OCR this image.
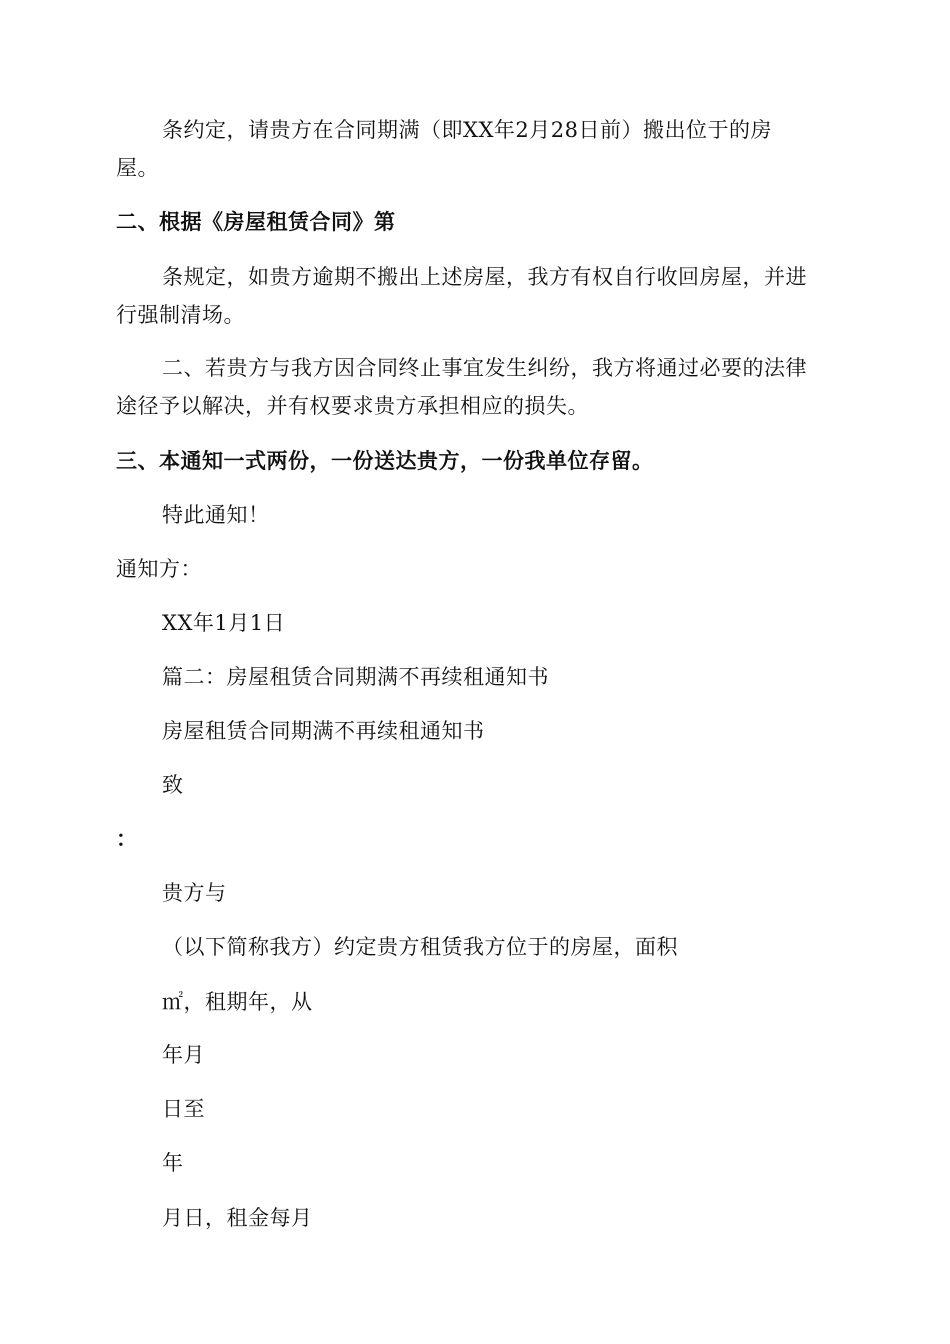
条约定，请贵方在合同期满（即XX年2月28日前）搬出位于的房
屋。
二、根据《房屋租赁合同》第
条规定，如贵方逾期不搬出上述房屋，我方有权自行收回房屋，并进
行强制清场。
二、若贵方与我方因合同终止事宜发生纠纷，我方将通过必要的法律
途径予以解决，并有权要求贵方承担相应的损失。
三、本通知一式两份，一份送达贵方，一份我单位存留。
特此通知！
通知方：
XX年1月1日
篇二：房屋租赁合同期满不再续租通知书
房屋租赁合同期满不再续租通知书
致
：
贵方与
（以下简称我方）约定贵方租赁我方位于的房屋，面积
㎡，租期年，从
年月
日至
年
月日，租金每月
